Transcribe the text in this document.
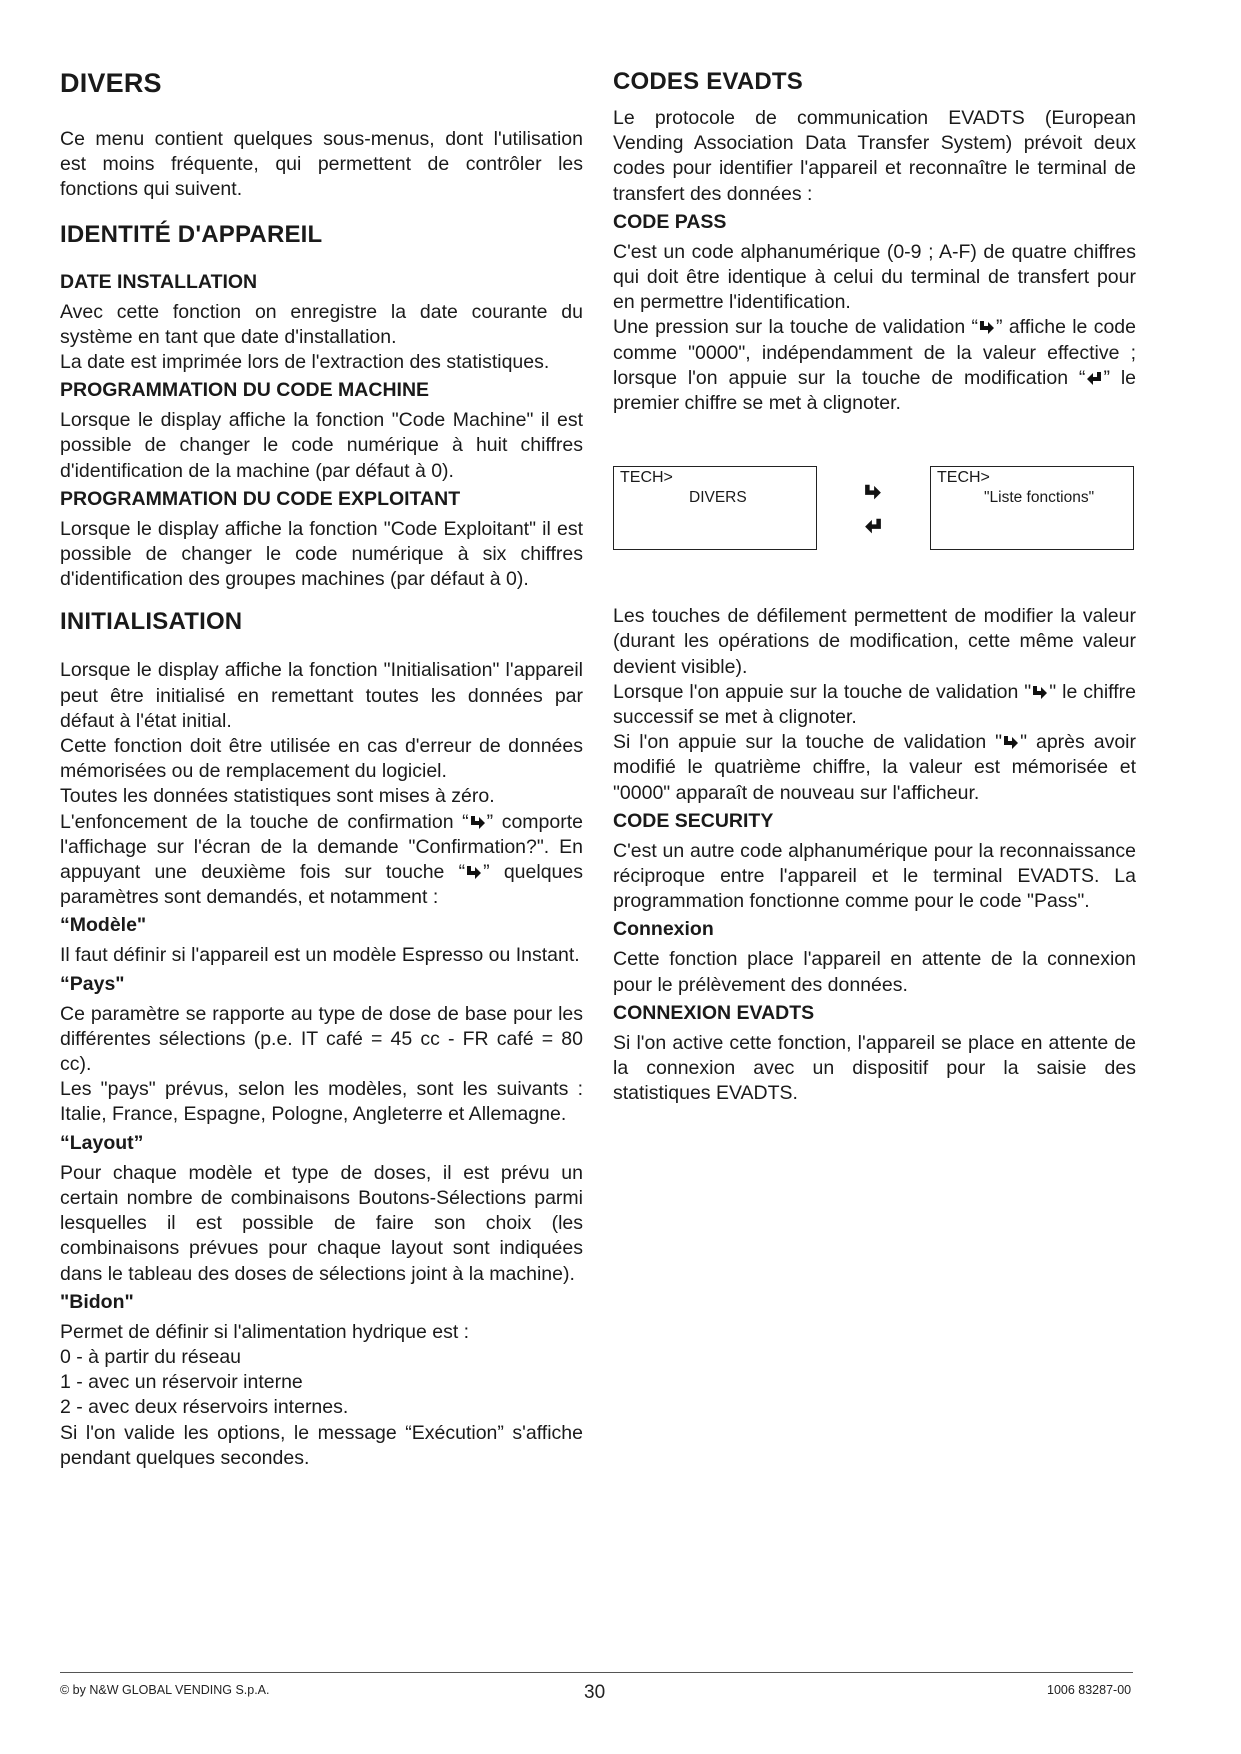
DIVERS

Ce menu contient quelques sous-menus, dont l'utilisation est moins fréquente, qui permettent de contrôler les fonctions qui suivent.

IDENTITÉ D'APPAREIL
DATE INSTALLATION

Avec cette fonction on enregistre la date courante du système en tant que date d'installation.

La date est imprimée lors de l'extraction des statistiques.

PROGRAMMATION DU CODE MACHINE

Lorsque le display affiche la fonction "Code Machine" il est possible de changer le code numérique à huit chiffres d'identification de la machine (par défaut à 0).

PROGRAMMATION DU CODE EXPLOITANT

Lorsque le display affiche la fonction "Code Exploitant" il est possible de changer le code numérique à six chiffres d'identification des groupes machines (par défaut à 0).

INITIALISATION

Lorsque le display affiche la fonction "Initialisation" l'appareil peut être initialisé en remettant toutes les données par défaut à l'état initial.

Cette fonction doit être utilisée en cas d'erreur de données mémorisées ou de remplacement du logiciel.

Toutes les données statistiques sont mises à zéro.

L'enfoncement de la touche de confirmation “ ” comporte l'affichage sur l'écran de la demande "Confirmation?". En appuyant une deuxième fois sur touche “ ” quelques paramètres sont demandés, et notamment :

“Modèle"

Il faut définir si l'appareil est un modèle Espresso ou Instant.

“Pays"

Ce paramètre se rapporte au type de dose de base pour les différentes sélections (p.e. IT café = 45 cc - FR café = 80 cc).

Les "pays" prévus, selon les modèles, sont les suivants : Italie, France, Espagne, Pologne, Angleterre et Allemagne.

“Layout”

Pour chaque modèle et type de doses, il est prévu un certain nombre de combinaisons Boutons-Sélections parmi lesquelles il est possible de faire son choix (les combinaisons prévues pour chaque layout sont indiquées dans le tableau des doses de sélections joint à la machine).

"Bidon"

Permet de définir si l'alimentation hydrique est :

0 - à partir du réseau

1 - avec un réservoir interne

2 - avec deux réservoirs internes.

Si l'on valide les options, le message “Exécution” s'affiche pendant quelques secondes.

CODES EVADTS

Le protocole de communication EVADTS (European Vending Association Data Transfer System) prévoit deux codes pour identifier l'appareil et reconnaître le terminal de transfert des données :

CODE PASS

C'est un code alphanumérique (0-9 ; A-F) de quatre chiffres qui doit être identique à celui du terminal de transfert pour en permettre l'identification.

Une pression sur la touche de validation “ ” affiche le code comme "0000", indépendamment de la valeur effective ; lorsque l'on appuie sur la touche de modification “ ” le premier chiffre se met à clignoter.

TECH>
DIVERS
TECH>
"Liste fonctions"

Les touches de défilement permettent de modifier la valeur (durant les opérations de modification, cette même valeur devient visible).

Lorsque l'on appuie sur la touche de validation " " le chiffre successif se met à clignoter.

Si l'on appuie sur la touche de validation " " après avoir modifié le quatrième chiffre, la valeur est mémorisée et "0000" apparaît de nouveau sur l'afficheur.

CODE SECURITY

C'est un autre code alphanumérique pour la reconnaissance réciproque entre l'appareil et le terminal EVADTS. La programmation fonctionne comme pour le code "Pass".

Connexion

Cette fonction place l'appareil en attente de la connexion pour le prélèvement des données.

CONNEXION EVADTS

Si l'on active cette fonction, l'appareil se place en attente de la connexion avec un dispositif pour la saisie des statistiques EVADTS.

© by N&W GLOBAL VENDING S.p.A.	30	1006 83287-00
